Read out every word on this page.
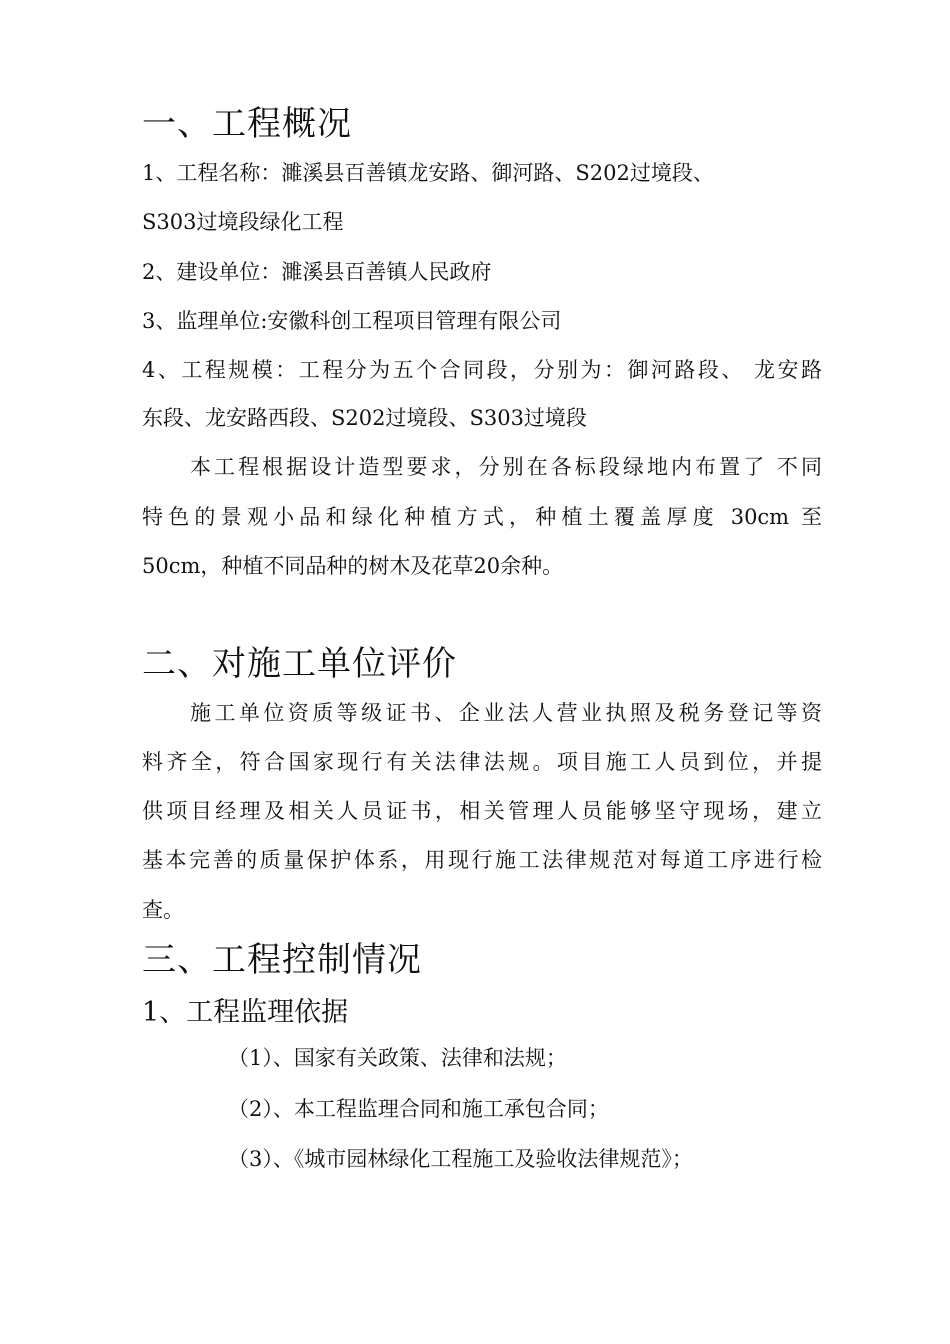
一、工程概况
1、工程名称：濉溪县百善镇龙安路、御河路、S202过境段、
S303过境段绿化工程
2、建设单位：濉溪县百善镇人民政府
3、监理单位:安徽科创工程项目管理有限公司
4、工程规模：工程分为五个合同段，分别为：御河路段、 龙安路
东段、龙安路西段、S202过境段、S303过境段
本工程根据设计造型要求，分别在各标段绿地内布置了 不同
特色的景观小品和绿化种植方式，种植土覆盖厚度 30cm 至
50cm，种植不同品种的树木及花草20余种。
二、对施工单位评价
施工单位资质等级证书、企业法人营业执照及税务登记等资
料齐全，符合国家现行有关法律法规。项目施工人员到位，并提
供项目经理及相关人员证书，相关管理人员能够坚守现场，建立
基本完善的质量保护体系，用现行施工法律规范对每道工序进行检
查。
三、工程控制情况
1、工程监理依据
（1）、国家有关政策、法律和法规；
（2）、本工程监理合同和施工承包合同；
（3）、《城市园林绿化工程施工及验收法律规范》；
